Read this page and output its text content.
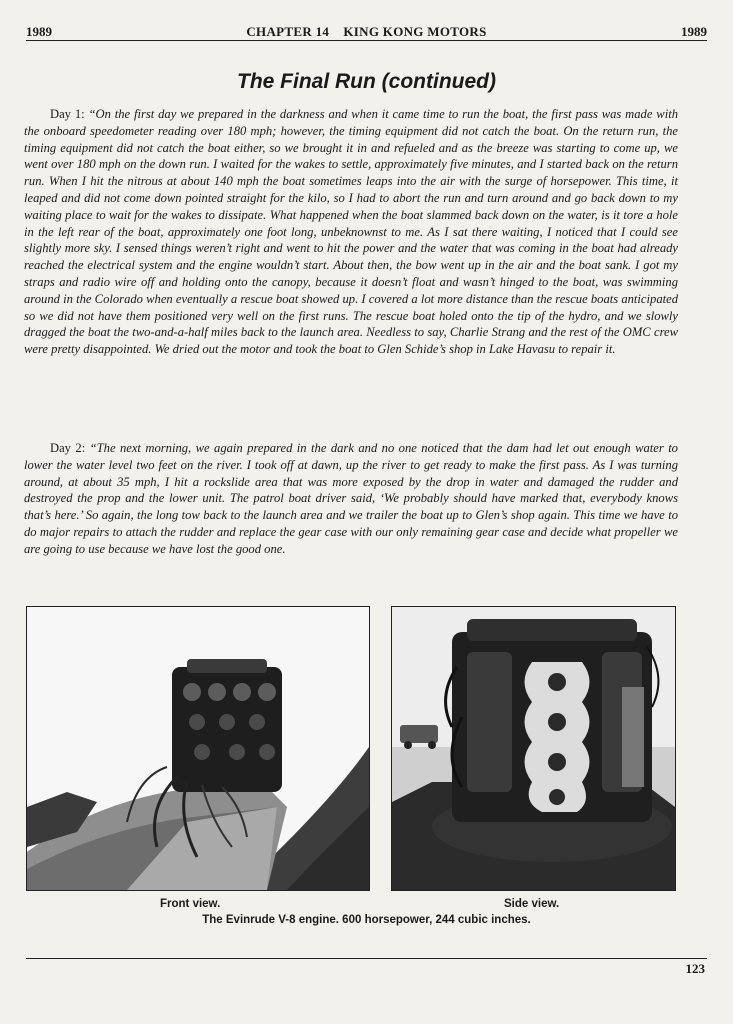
1989	CHAPTER 14    KING KONG MOTORS	1989
The Final Run (continued)

Day 1: “On the first day we prepared in the darkness and when it came time to run the boat, the first pass was made with the onboard speedometer reading over 180 mph; however, the timing equipment did not catch the boat. On the return run, the timing equipment did not catch the boat either, so we brought it in and refueled and as the breeze was starting to come up, we went over 180 mph on the down run. I waited for the wakes to settle, approximately five minutes, and I started back on the return run. When I hit the nitrous at about 140 mph the boat sometimes leaps into the air with the surge of horsepower. This time, it leaped and did not come down pointed straight for the kilo, so I had to abort the run and turn around and go back down to my waiting place to wait for the wakes to dissipate. What happened when the boat slammed back down on the water, is it tore a hole in the left rear of the boat, approximately one foot long, unbeknownst to me. As I sat there waiting, I noticed that I could see slightly more sky. I sensed things weren’t right and went to hit the power and the water that was coming in the boat had already reached the electrical system and the engine wouldn’t start. About then, the bow went up in the air and the boat sank. I got my straps and radio wire off and holding onto the canopy, because it doesn’t float and wasn’t hinged to the boat, was swimming around in the Colorado when eventually a rescue boat showed up. I covered a lot more distance than the rescue boats anticipated so we did not have them positioned very well on the first runs. The rescue boat holed onto the tip of the hydro, and we slowly dragged the boat the two-and-a-half miles back to the launch area. Needless to say, Charlie Strang and the rest of the OMC crew were pretty disappointed. We dried out the motor and took the boat to Glen Schide’s shop in Lake Havasu to repair it.

Day 2: “The next morning, we again prepared in the dark and no one noticed that the dam had let out enough water to lower the water level two feet on the river. I took off at dawn, up the river to get ready to make the first pass. As I was turning around, at about 35 mph, I hit a rockslide area that was more exposed by the drop in water and damaged the rudder and destroyed the prop and the lower unit. The patrol boat driver said, ‘We probably should have marked that, everybody knows that’s here.’ So again, the long tow back to the launch area and we trailer the boat up to Glen’s shop again. This time we have to do major repairs to attach the rudder and replace the gear case with our only remaining gear case and decide what propeller we are going to use because we have lost the good one.

Front view.	Side view.
The Evinrude V-8 engine. 600 horsepower, 244 cubic inches.
123
